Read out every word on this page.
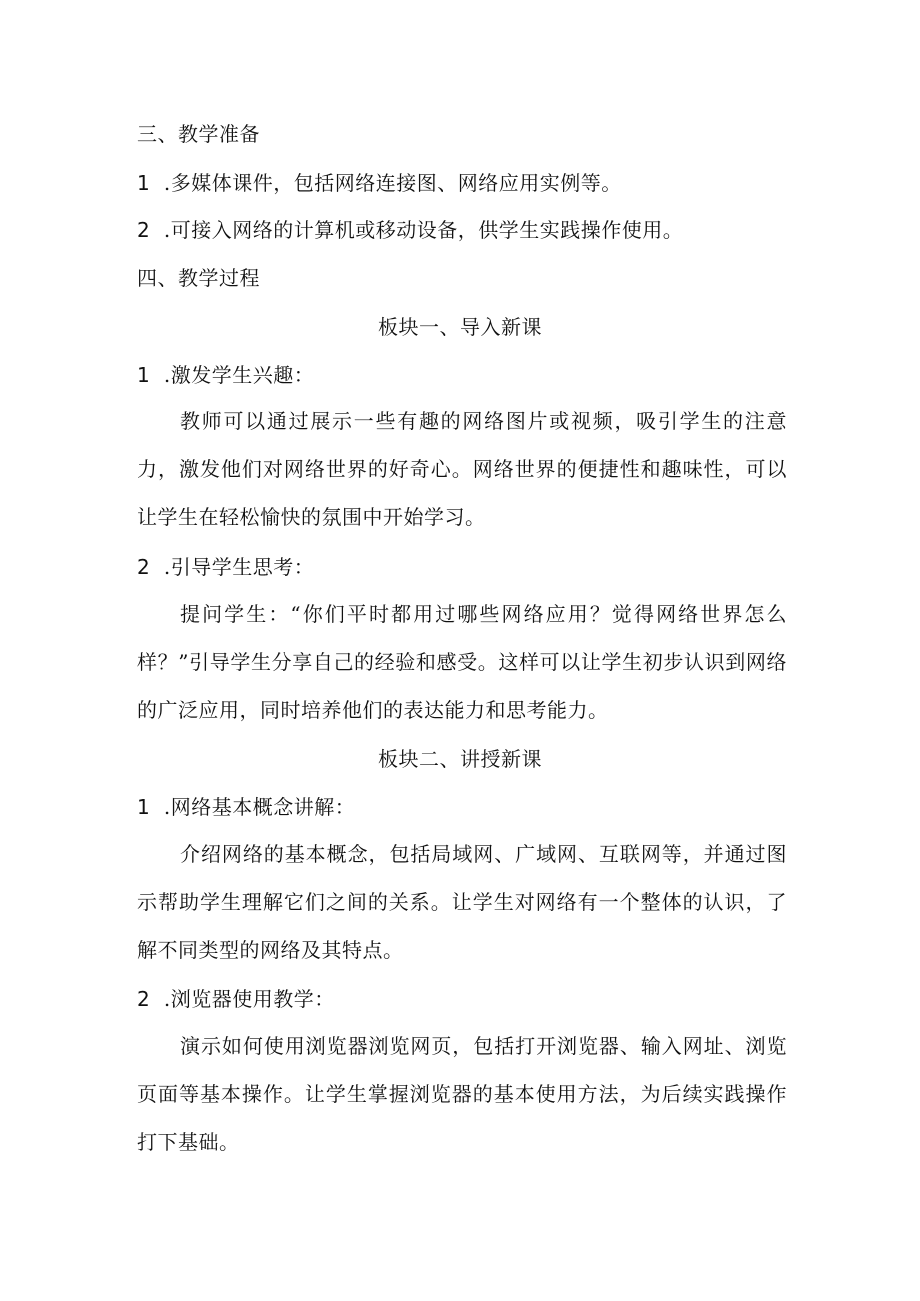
三、教学准备
1 .多媒体课件，包括网络连接图、网络应用实例等。
2 .可接入网络的计算机或移动设备，供学生实践操作使用。
四、教学过程
板块一、导入新课
1 .激发学生兴趣：
教师可以通过展示一些有趣的网络图片或视频，吸引学生的注意力，激发他们对网络世界的好奇心。网络世界的便捷性和趣味性，可以让学生在轻松愉快的氛围中开始学习。
2 .引导学生思考：
提问学生：“你们平时都用过哪些网络应用？觉得网络世界怎么样？”引导学生分享自己的经验和感受。这样可以让学生初步认识到网络的广泛应用，同时培养他们的表达能力和思考能力。
板块二、讲授新课
1 .网络基本概念讲解：
介绍网络的基本概念，包括局域网、广域网、互联网等，并通过图示帮助学生理解它们之间的关系。让学生对网络有一个整体的认识，了解不同类型的网络及其特点。
2 .浏览器使用教学：
演示如何使用浏览器浏览网页，包括打开浏览器、输入网址、浏览页面等基本操作。让学生掌握浏览器的基本使用方法，为后续实践操作打下基础。
